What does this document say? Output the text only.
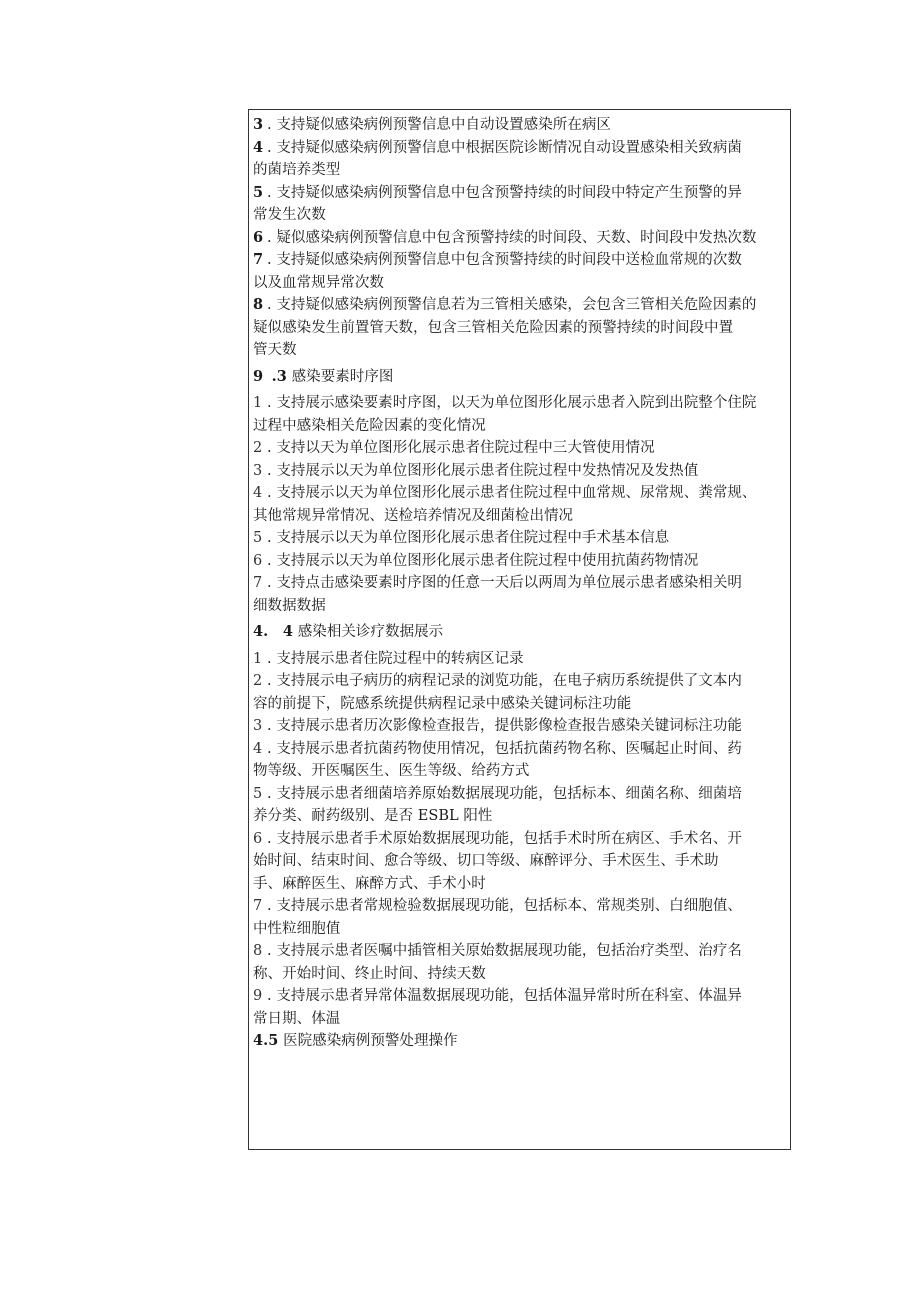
3 . 支持疑似感染病例预警信息中自动设置感染所在病区
4 . 支持疑似感染病例预警信息中根据医院诊断情况自动设置感染相关致病菌
的菌培养类型
5 . 支持疑似感染病例预警信息中包含预警持续的时间段中特定产生预警的异
常发生次数
6 . 疑似感染病例预警信息中包含预警持续的时间段、天数、时间段中发热次数
7 . 支持疑似感染病例预警信息中包含预警持续的时间段中送检血常规的次数
以及血常规异常次数
8 . 支持疑似感染病例预警信息若为三管相关感染，会包含三管相关危险因素的
疑似感染发生前置管天数，包含三管相关危险因素的预警持续的时间段中置
管天数
9 .3 感染要素时序图
1 . 支持展示感染要素时序图，以天为单位图形化展示患者入院到出院整个住院
过程中感染相关危险因素的变化情况
2 . 支持以天为单位图形化展示患者住院过程中三大管使用情况
3 . 支持展示以天为单位图形化展示患者住院过程中发热情况及发热值
4 . 支持展示以天为单位图形化展示患者住院过程中血常规、尿常规、粪常规、
其他常规异常情况、送检培养情况及细菌检出情况
5 . 支持展示以天为单位图形化展示患者住院过程中手术基本信息
6 . 支持展示以天为单位图形化展示患者住院过程中使用抗菌药物情况
7 . 支持点击感染要素时序图的任意一天后以两周为单位展示患者感染相关明
细数据数据
4. 4 感染相关诊疗数据展示
1 . 支持展示患者住院过程中的转病区记录
2 . 支持展示电子病历的病程记录的浏览功能，在电子病历系统提供了文本内
容的前提下，院感系统提供病程记录中感染关键词标注功能
3 . 支持展示患者历次影像检查报告，提供影像检查报告感染关键词标注功能
4 . 支持展示患者抗菌药物使用情况，包括抗菌药物名称、医嘱起止时间、药
物等级、开医嘱医生、医生等级、给药方式
5 . 支持展示患者细菌培养原始数据展现功能，包括标本、细菌名称、细菌培
养分类、耐药级别、是否 ESBL 阳性
6 . 支持展示患者手术原始数据展现功能，包括手术时所在病区、手术名、开
始时间、结束时间、愈合等级、切口等级、麻醉评分、手术医生、手术助
手、麻醉医生、麻醉方式、手术小时
7 . 支持展示患者常规检验数据展现功能，包括标本、常规类别、白细胞值、
中性粒细胞值
8 . 支持展示患者医嘱中插管相关原始数据展现功能，包括治疗类型、治疗名
称、开始时间、终止时间、持续天数
9 . 支持展示患者异常体温数据展现功能，包括体温异常时所在科室、体温异
常日期、体温
4.5 医院感染病例预警处理操作
